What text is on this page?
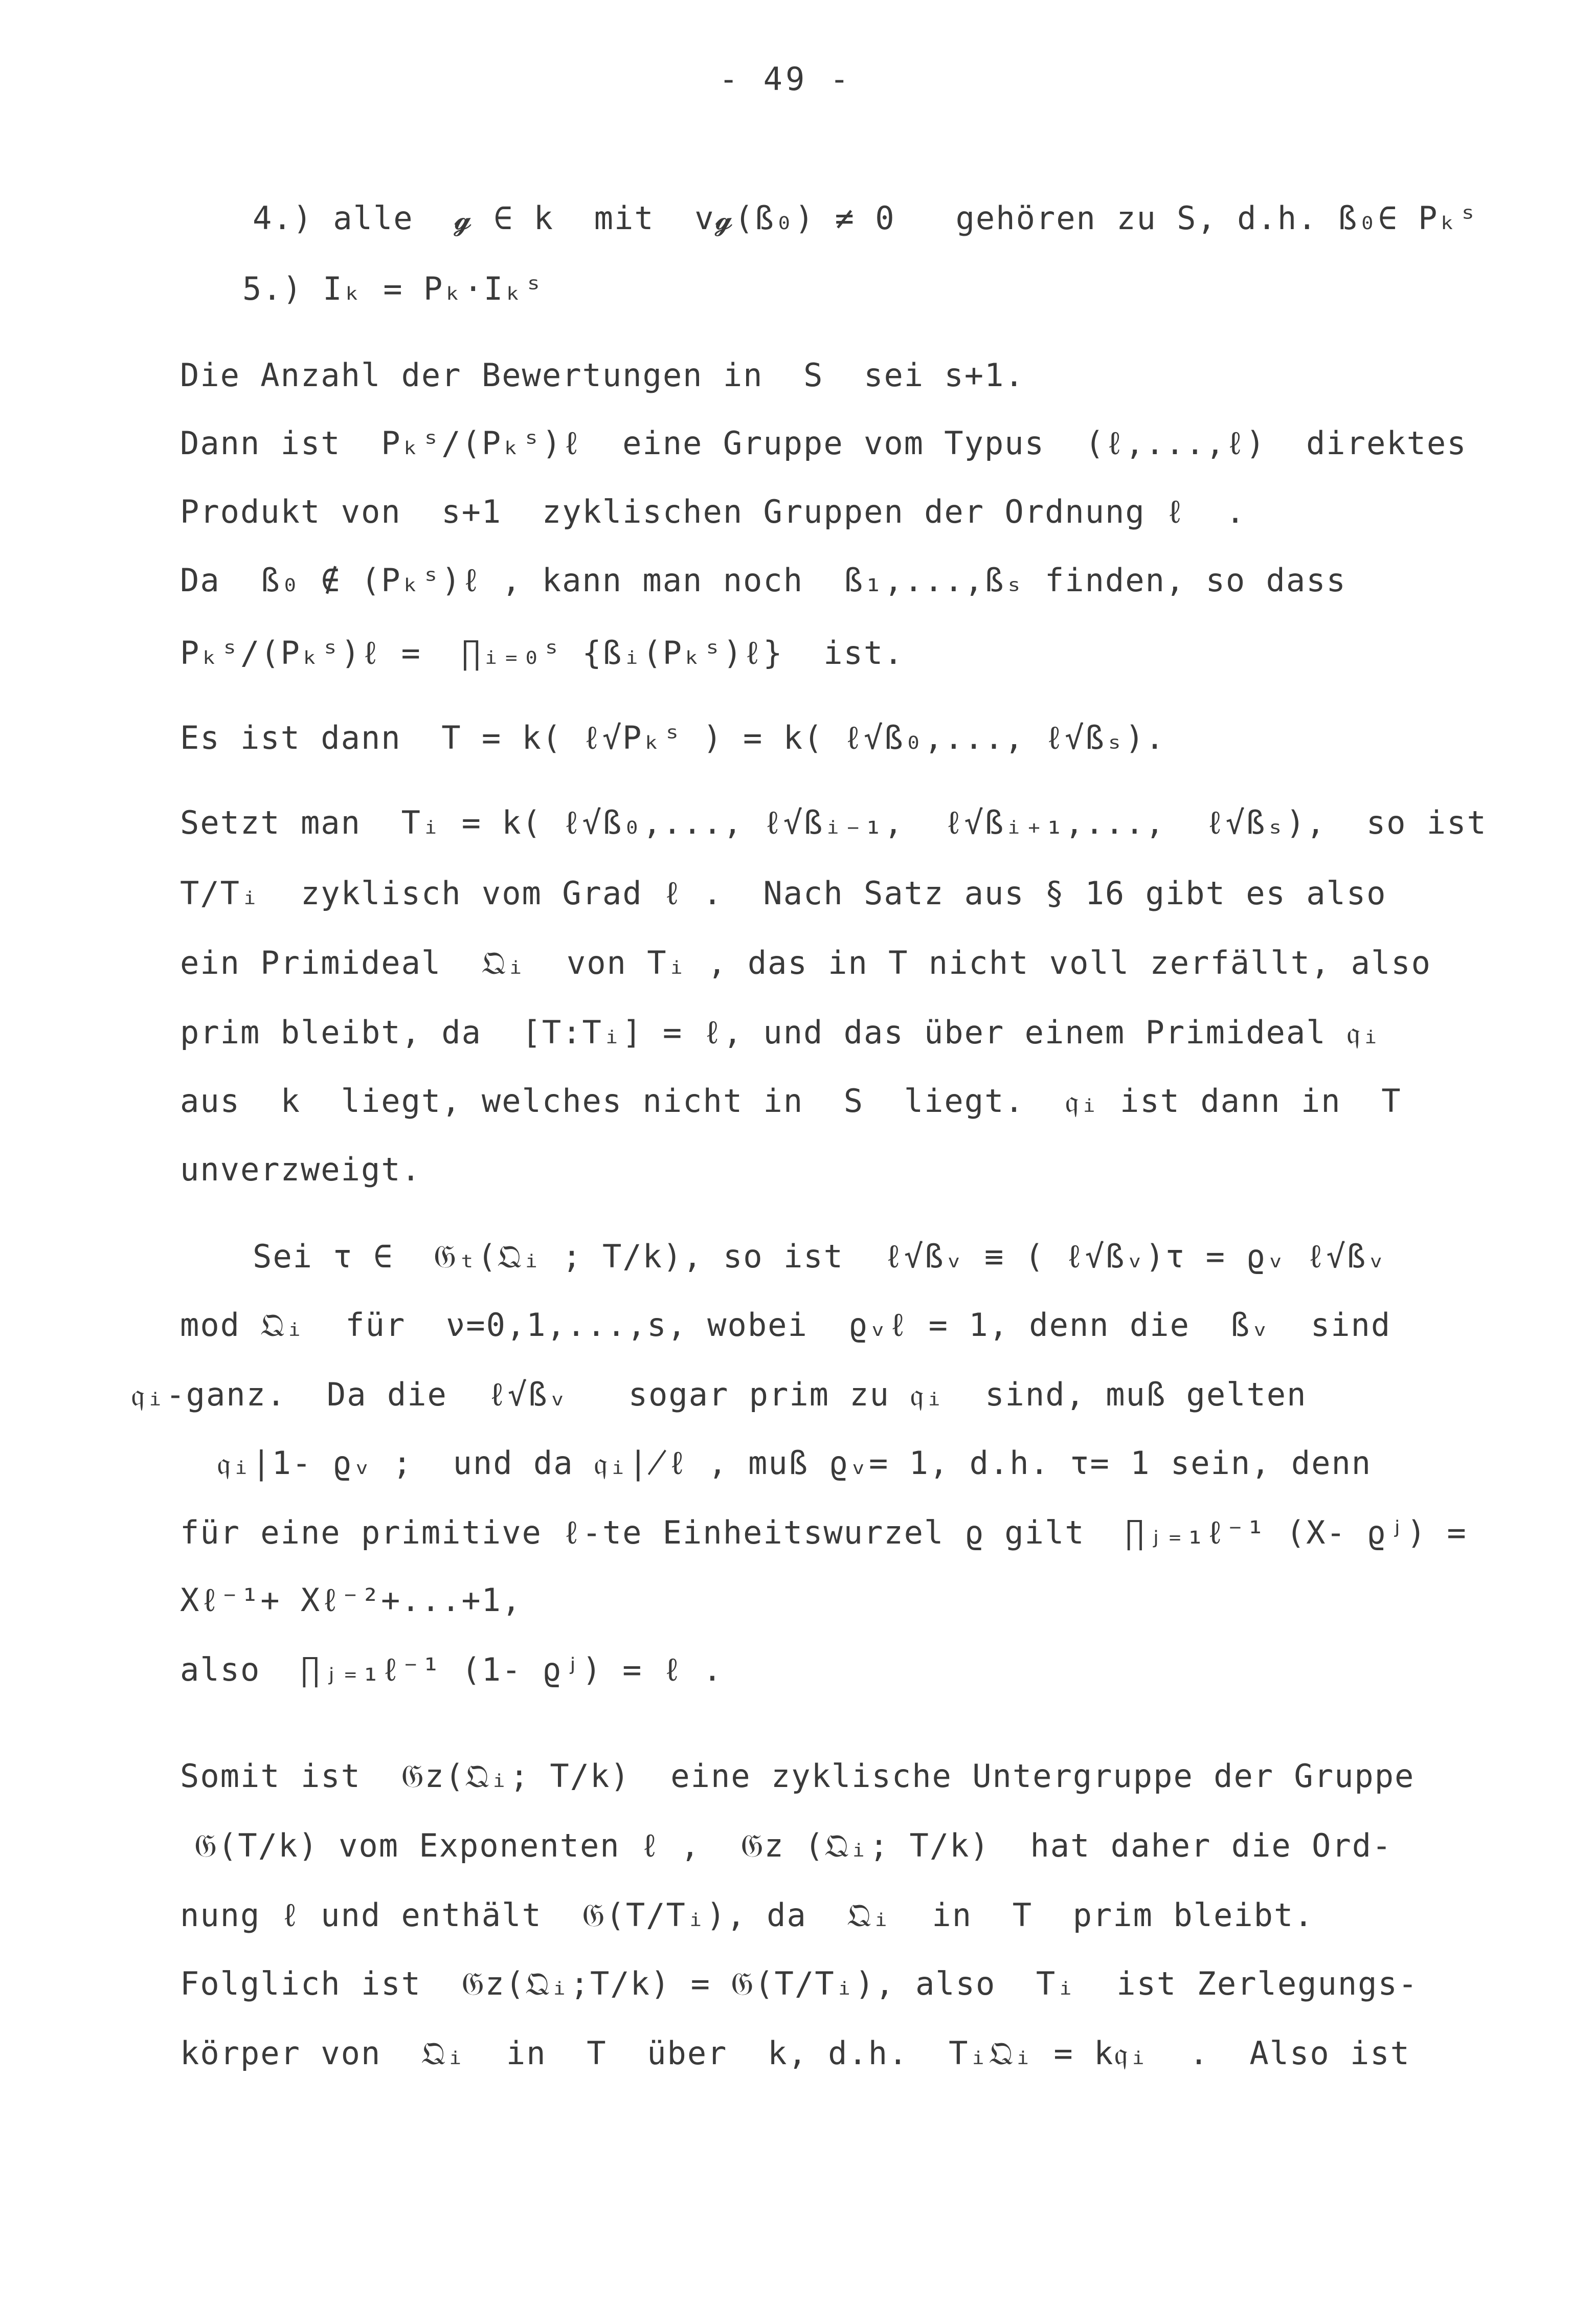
- 49 -
4.) alle  𝓰 ∈ k  mit  v𝓰(ß₀) ≠ 0   gehören zu S, d.h. ß₀∈ Pₖˢ
5.) Iₖ = Pₖ·Iₖˢ
Die Anzahl der Bewertungen in  S  sei s+1.
Dann ist  Pₖˢ/(Pₖˢ)ℓ  eine Gruppe vom Typus  (ℓ,...,ℓ)  direktes
Produkt von  s+1  zyklischen Gruppen der Ordnung ℓ  .
Da  ß₀ ∉ (Pₖˢ)ℓ , kann man noch  ß₁,...,ßₛ finden, so dass
Pₖˢ/(Pₖˢ)ℓ =  ∏ᵢ₌₀ˢ {ßᵢ(Pₖˢ)ℓ}  ist.
Es ist dann  T = k( ℓ√Pₖˢ ) = k( ℓ√ß₀,..., ℓ√ßₛ).
Setzt man  Tᵢ = k( ℓ√ß₀,..., ℓ√ßᵢ₋₁,  ℓ√ßᵢ₊₁,...,  ℓ√ßₛ),  so ist
T/Tᵢ  zyklisch vom Grad ℓ .  Nach Satz aus § 16 gibt es also
ein Primideal  𝔔ᵢ  von Tᵢ , das in T nicht voll zerfällt, also
prim bleibt, da  [T:Tᵢ] = ℓ, und das über einem Primideal 𝔮ᵢ
aus  k  liegt, welches nicht in  S  liegt.  𝔮ᵢ ist dann in  T
unverzweigt.
Sei τ ∈  𝔊ₜ(𝔔ᵢ ; T/k), so ist  ℓ√ßᵥ ≡ ( ℓ√ßᵥ)τ = ϱᵥ ℓ√ßᵥ
mod 𝔔ᵢ  für  ν=0,1,...,s, wobei  ϱᵥℓ = 1, denn die  ßᵥ  sind
𝔮ᵢ-ganz.  Da die  ℓ√ßᵥ   sogar prim zu 𝔮ᵢ  sind, muß gelten
𝔮ᵢ|1- ϱᵥ ;  und da 𝔮ᵢ∤ℓ , muß ϱᵥ= 1, d.h. τ= 1 sein, denn
für eine primitive ℓ-te Einheitswurzel ϱ gilt  ∏ⱼ₌₁ℓ⁻¹ (X- ϱʲ) =
Xℓ⁻¹+ Xℓ⁻²+...+1,
also  ∏ⱼ₌₁ℓ⁻¹ (1- ϱʲ) = ℓ .
Somit ist  𝔊z(𝔔ᵢ; T/k)  eine zyklische Untergruppe der Gruppe
𝔊(T/k) vom Exponenten ℓ ,  𝔊z (𝔔ᵢ; T/k)  hat daher die Ord-
nung ℓ und enthält  𝔊(T/Tᵢ), da  𝔔ᵢ  in  T  prim bleibt.
Folglich ist  𝔊z(𝔔ᵢ;T/k) = 𝔊(T/Tᵢ), also  Tᵢ  ist Zerlegungs-
körper von  𝔔ᵢ  in  T  über  k, d.h.  Tᵢ𝔔ᵢ = k𝔮ᵢ  .  Also ist
